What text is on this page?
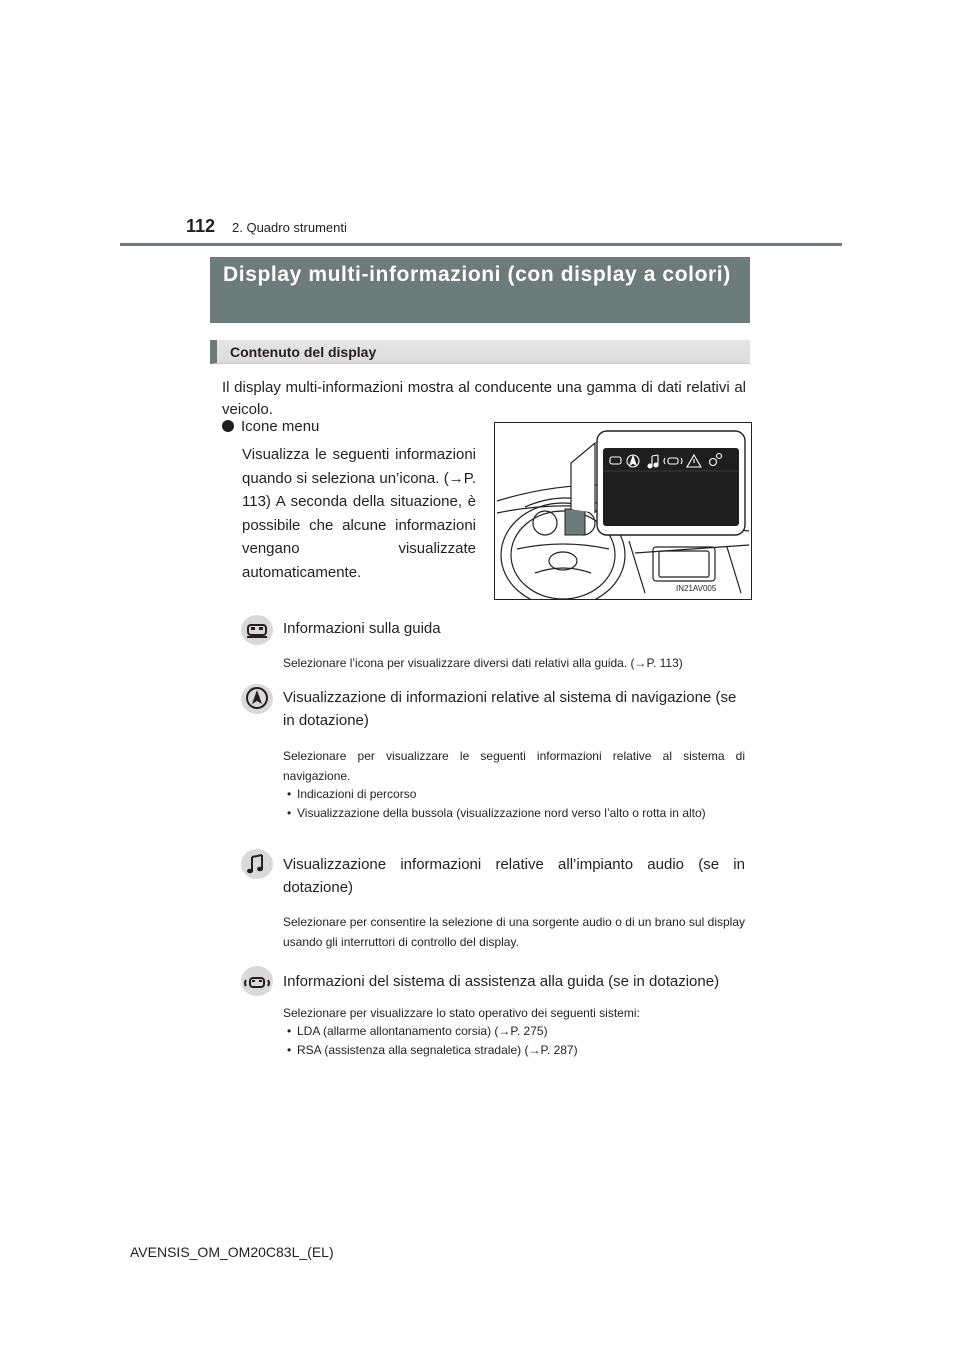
112 2. Quadro strumenti
Display multi-informazioni (con display a colori)
Contenuto del display
Il display multi-informazioni mostra al conducente una gamma di dati relativi al veicolo.
Icone menu
Visualizza le seguenti informazioni quando si seleziona un’icona. (→P. 113) A seconda della situazione, è possibile che alcune informazioni vengano visualizzate automaticamente.
IN21AV005
Informazioni sulla guida
Selezionare l’icona per visualizzare diversi dati relativi alla guida. (→P. 113)
Visualizzazione di informazioni relative al sistema di navigazione (se in dotazione)
Selezionare per visualizzare le seguenti informazioni relative al sistema di navigazione.
• Indicazioni di percorso
• Visualizzazione della bussola (visualizzazione nord verso l’alto o rotta in alto)
Visualizzazione informazioni relative all’impianto audio (se in dotazione)
Selezionare per consentire la selezione di una sorgente audio o di un brano sul display usando gli interruttori di controllo del display.
Informazioni del sistema di assistenza alla guida (se in dotazione)
Selezionare per visualizzare lo stato operativo dei seguenti sistemi:
• LDA (allarme allontanamento corsia) (→P. 275)
• RSA (assistenza alla segnaletica stradale) (→P. 287)
AVENSIS_OM_OM20C83L_(EL)
